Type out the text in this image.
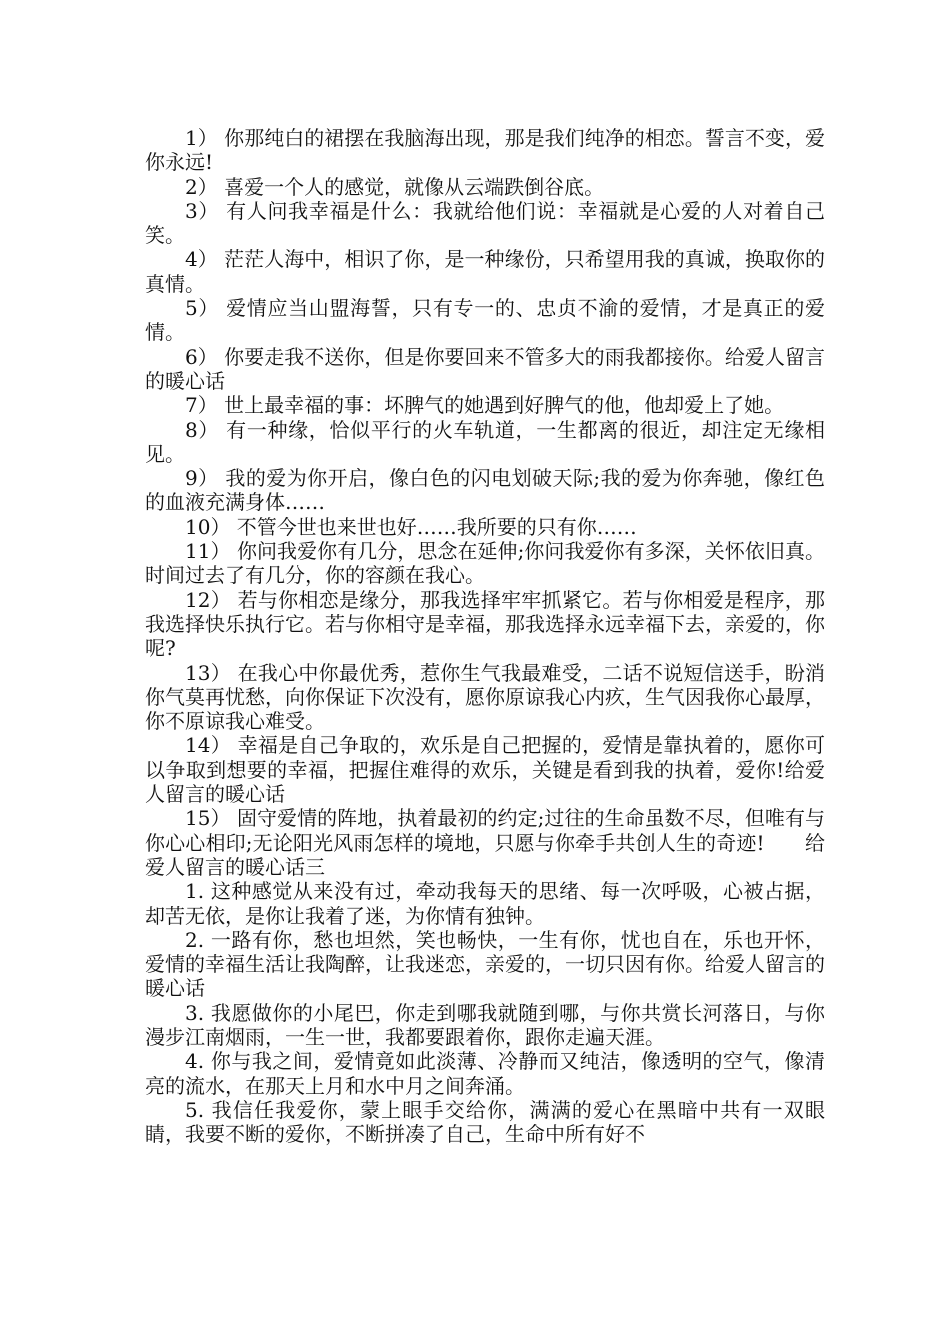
1） 你那纯白的裙摆在我脑海出现，那是我们纯净的相恋。誓言不变，爱你永远!

2） 喜爱一个人的感觉，就像从云端跌倒谷底。

3） 有人问我幸福是什么：我就给他们说：幸福就是心爱的人对着自己笑。

4） 茫茫人海中，相识了你，是一种缘份，只希望用我的真诚，换取你的真情。

5） 爱情应当山盟海誓，只有专一的、忠贞不渝的爱情，才是真正的爱情。

6） 你要走我不送你，但是你要回来不管多大的雨我都接你。给爱人留言的暖心话

7） 世上最幸福的事：坏脾气的她遇到好脾气的他，他却爱上了她。

8） 有一种缘，恰似平行的火车轨道，一生都离的很近，却注定无缘相见。

9） 我的爱为你开启，像白色的闪电划破天际;我的爱为你奔驰，像红色的血液充满身体……

10） 不管今世也来世也好……我所要的只有你……

11） 你问我爱你有几分，思念在延伸;你问我爱你有多深，关怀依旧真。时间过去了有几分，你的容颜在我心。

12） 若与你相恋是缘分，那我选择牢牢抓紧它。若与你相爱是程序，那我选择快乐执行它。若与你相守是幸福，那我选择永远幸福下去，亲爱的，你呢?

13） 在我心中你最优秀，惹你生气我最难受，二话不说短信送手，盼消你气莫再忧愁，向你保证下次没有，愿你原谅我心内疚，生气因我你心最厚，你不原谅我心难受。

14） 幸福是自己争取的，欢乐是自己把握的，爱情是靠执着的，愿你可以争取到想要的幸福，把握住难得的欢乐，关键是看到我的执着，爱你!给爱人留言的暖心话

15） 固守爱情的阵地，执着最初的约定;过往的生命虽数不尽，但唯有与你心心相印;无论阳光风雨怎样的境地，只愿与你牵手共创人生的奇迹!　　给爱人留言的暖心话三

1. 这种感觉从来没有过，牵动我每天的思绪、每一次呼吸，心被占据，却苦无依，是你让我着了迷，为你情有独钟。

2. 一路有你，愁也坦然，笑也畅快，一生有你，忧也自在，乐也开怀，爱情的幸福生活让我陶醉，让我迷恋，亲爱的，一切只因有你。给爱人留言的暖心话

3. 我愿做你的小尾巴，你走到哪我就随到哪，与你共赏长河落日，与你漫步江南烟雨，一生一世，我都要跟着你，跟你走遍天涯。

4. 你与我之间，爱情竟如此淡薄、冷静而又纯洁，像透明的空气，像清亮的流水，在那天上月和水中月之间奔涌。

5. 我信任我爱你，蒙上眼手交给你，满满的爱心在黑暗中共有一双眼睛，我要不断的爱你，不断拼凑了自己，生命中所有好不
